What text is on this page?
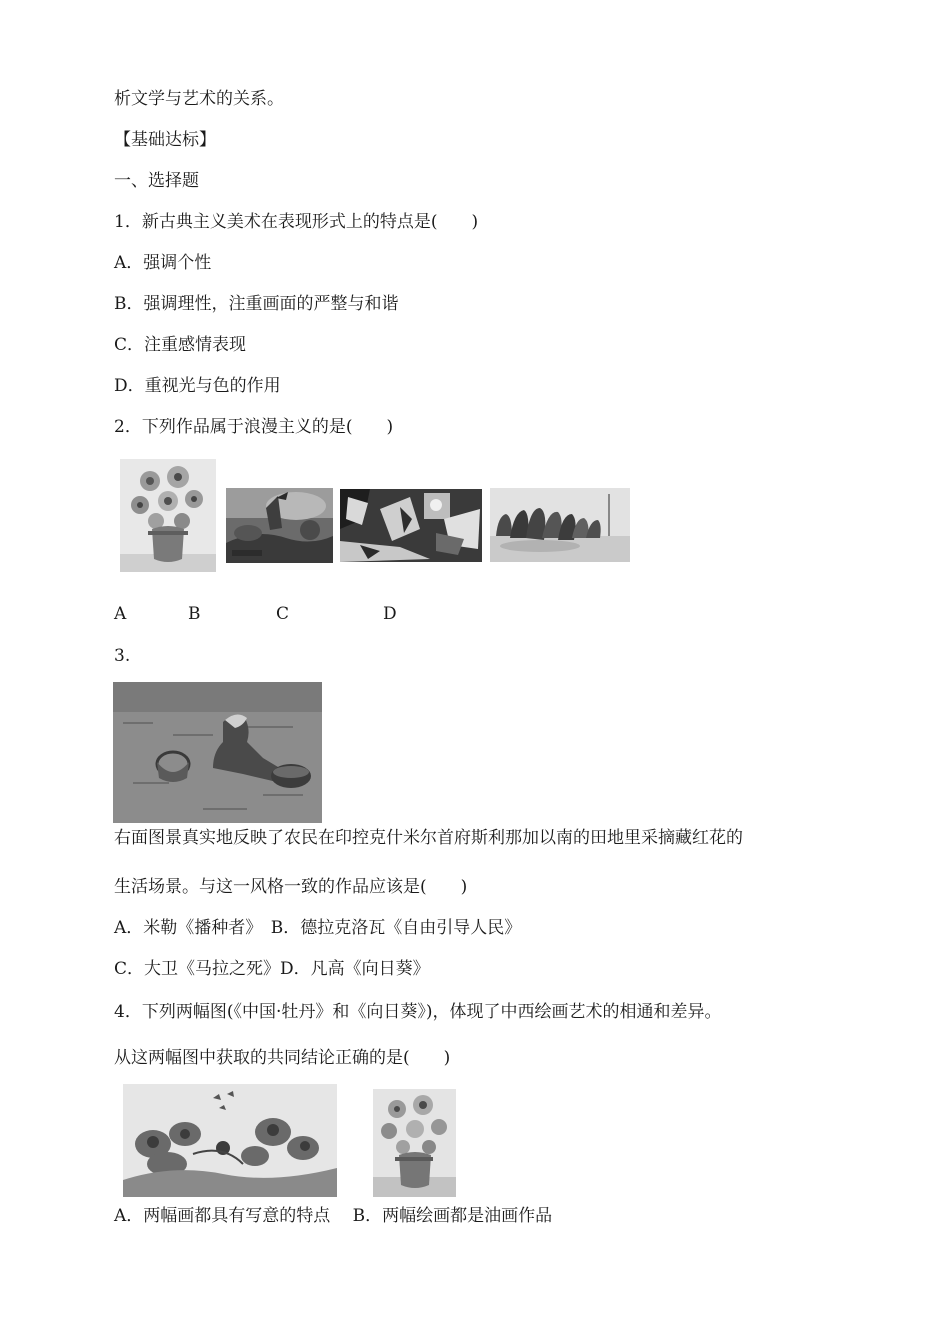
析文学与艺术的关系。
【基础达标】
一、选择题
1．新古典主义美术在表现形式上的特点是(　　)
A．强调个性
B．强调理性，注重画面的严整与和谐
C．注重感情表现
D．重视光与色的作用
2．下列作品属于浪漫主义的是(　　)
A	B	C	D
3.
右面图景真实地反映了农民在印控克什米尔首府斯利那加以南的田地里采摘藏红花的
生活场景。与这一风格一致的作品应该是(　　)
A．米勒《播种者》　B．德拉克洛瓦《自由引导人民》
C．大卫《马拉之死》D．凡高《向日葵》
4．下列两幅图(《中国·牡丹》和《向日葵》)，体现了中西绘画艺术的相通和差异。
从这两幅图中获取的共同结论正确的是(　　)
A．两幅画都具有写意的特点　 B．两幅绘画都是油画作品
